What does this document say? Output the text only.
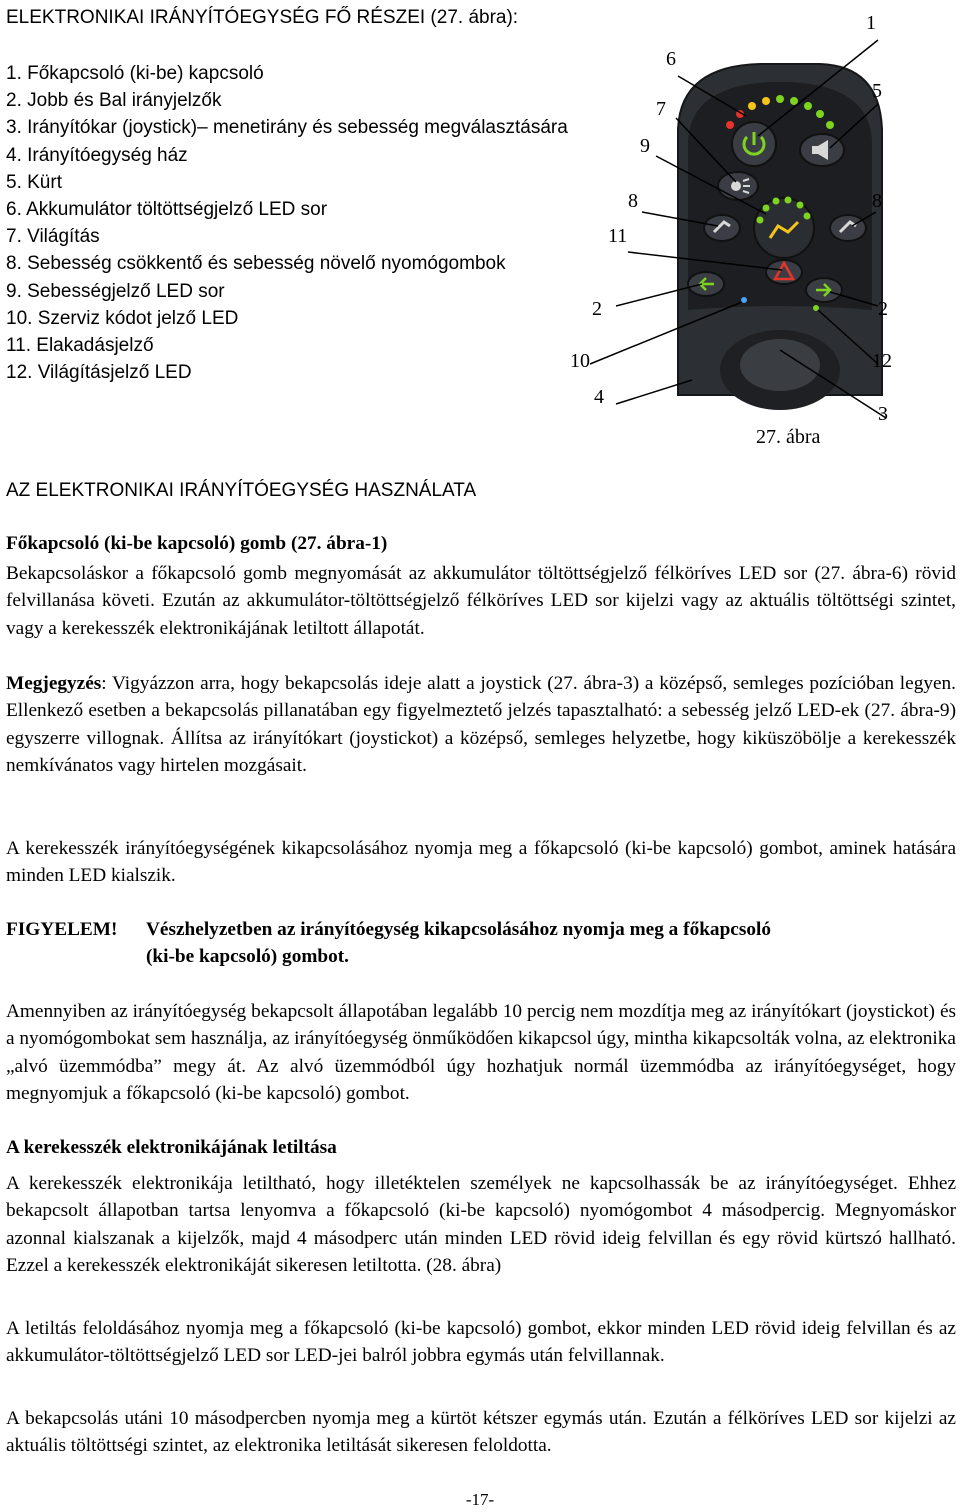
ELEKTRONIKAI IRÁNYÍTÓEGYSÉG FŐ RÉSZEI (27. ábra):
1. Főkapcsoló (ki-be) kapcsoló
2. Jobb és Bal irányjelzők
3. Irányítókar (joystick)– menetirány és sebesség megválasztására
4. Irányítóegység ház
5. Kürt
6. Akkumulátor töltöttségjelző LED sor
7. Világítás
8. Sebesség csökkentő és sebesség növelő nyomógombok
9. Sebességjelző LED sor
10. Szerviz kódot jelző LED
11. Elakadásjelző
12. Világításjelző LED
1
5
6
7
9
8	8
11
2	2
10	12
4
3
27. ábra
AZ ELEKTRONIKAI IRÁNYÍTÓEGYSÉG HASZNÁLATA
Főkapcsoló (ki-be kapcsoló) gomb (27. ábra-1)

Bekapcsoláskor a főkapcsoló gomb megnyomását az akkumulátor töltöttségjelző félköríves LED sor (27. ábra-6) rövid felvillanása követi. Ezután az akkumulátor-töltöttségjelző félköríves LED sor kijelzi vagy az aktuális töltöttségi szintet, vagy a kerekesszék elektronikájának letiltott állapotát.

Megjegyzés: Vigyázzon arra, hogy bekapcsolás ideje alatt a joystick (27. ábra-3) a középső, semleges pozícióban legyen. Ellenkező esetben a bekapcsolás pillanatában egy figyelmeztető jelzés tapasztalható: a sebesség jelző LED-ek (27. ábra-9) egyszerre villognak. Állítsa az irányítókart (joystickot) a középső, semleges helyzetbe, hogy kiküszöbölje a kerekesszék nemkívánatos vagy hirtelen mozgásait.

A kerekesszék irányítóegységének kikapcsolásához nyomja meg a főkapcsoló (ki-be kapcsoló) gombot, aminek hatására minden LED kialszik.

FIGYELEM! Vészhelyzetben az irányítóegység kikapcsolásához nyomja meg a főkapcsoló
(ki-be kapcsoló) gombot.

Amennyiben az irányítóegység bekapcsolt állapotában legalább 10 percig nem mozdítja meg az irányítókart (joystickot) és a nyomógombokat sem használja, az irányítóegység önműködően kikapcsol úgy, mintha kikapcsolták volna, az elektronika „alvó üzemmódba” megy át. Az alvó üzemmódból úgy hozhatjuk normál üzemmódba az irányítóegységet, hogy megnyomjuk a főkapcsoló (ki-be kapcsoló) gombot.

A kerekesszék elektronikájának letiltása

A kerekesszék elektronikája letiltható, hogy illetéktelen személyek ne kapcsolhassák be az irányítóegységet. Ehhez bekapcsolt állapotban tartsa lenyomva a főkapcsoló (ki-be kapcsoló) nyomógombot 4 másodpercig. Megnyomáskor azonnal kialszanak a kijelzők, majd 4 másodperc után minden LED rövid ideig felvillan és egy rövid kürtszó hallható. Ezzel a kerekesszék elektronikáját sikeresen letiltotta. (28. ábra)

A letiltás feloldásához nyomja meg a főkapcsoló (ki-be kapcsoló) gombot, ekkor minden LED rövid ideig felvillan és az akkumulátor-töltöttségjelző LED sor LED-jei balról jobbra egymás után felvillannak.

A bekapcsolás utáni 10 másodpercben nyomja meg a kürtöt kétszer egymás után. Ezután a félköríves LED sor kijelzi az aktuális töltöttségi szintet, az elektronika letiltását sikeresen feloldotta.

-17-
